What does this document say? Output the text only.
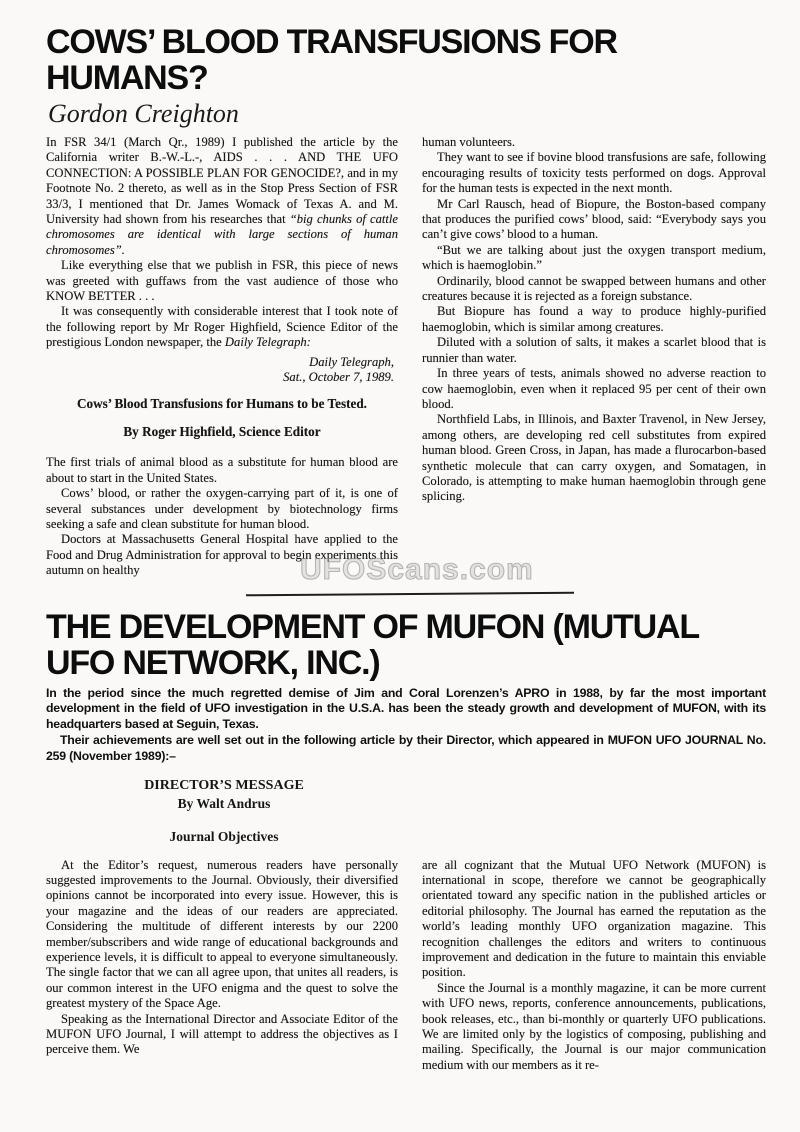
UFOScans.com
COWS’ BLOOD TRANSFUSIONS FOR
HUMANS?
Gordon Creighton

In FSR 34/1 (March Qr., 1989) I published the article by the California writer B.-W.-L.-, AIDS . . . AND THE UFO CONNECTION: A POSSIBLE PLAN FOR GENOCIDE?, and in my Footnote No. 2 thereto, as well as in the Stop Press Section of FSR 33/3, I mentioned that Dr. James Womack of Texas A. and M. University had shown from his researches that “big chunks of cattle chromosomes are identical with large sections of human chromosomes”.

Like everything else that we publish in FSR, this piece of news was greeted with guffaws from the vast audience of those who KNOW BETTER . . .

It was consequently with considerable interest that I took note of the following report by Mr Roger Highfield, Science Editor of the prestigious London newspaper, the Daily Telegraph:

Daily Telegraph,
Sat., October 7, 1989.

Cows’ Blood Transfusions for Humans to be Tested.

By Roger Highfield, Science Editor

The first trials of animal blood as a substitute for human blood are about to start in the United States.

Cows’ blood, or rather the oxygen-carrying part of it, is one of several substances under development by biotechnology firms seeking a safe and clean substitute for human blood.

Doctors at Massachusetts General Hospital have applied to the Food and Drug Administration for approval to begin experiments this autumn on healthy

human volunteers.

They want to see if bovine blood transfusions are safe, following encouraging results of toxicity tests performed on dogs. Approval for the human tests is expected in the next month.

Mr Carl Rausch, head of Biopure, the Boston-based company that produces the purified cows’ blood, said: “Everybody says you can’t give cows’ blood to a human.

“But we are talking about just the oxygen transport medium, which is haemoglobin.”

Ordinarily, blood cannot be swapped between humans and other creatures because it is rejected as a foreign substance.

But Biopure has found a way to produce highly-purified haemoglobin, which is similar among creatures.

Diluted with a solution of salts, it makes a scarlet blood that is runnier than water.

In three years of tests, animals showed no adverse reaction to cow haemoglobin, even when it replaced 95 per cent of their own blood.

Northfield Labs, in Illinois, and Baxter Travenol, in New Jersey, among others, are developing red cell substitutes from expired human blood. Green Cross, in Japan, has made a flurocarbon-based synthetic molecule that can carry oxygen, and Somatagen, in Colorado, is attempting to make human haemoglobin through gene splicing.

THE DEVELOPMENT OF MUFON (MUTUAL
UFO NETWORK, INC.)

In the period since the much regretted demise of Jim and Coral Lorenzen’s APRO in 1988, by far the most important development in the field of UFO investigation in the U.S.A. has been the steady growth and development of MUFON, with its headquarters based at Seguin, Texas.

Their achievements are well set out in the following article by their Director, which appeared in MUFON UFO JOURNAL No. 259 (November 1989):–

DIRECTOR’S MESSAGE
By Walt Andrus
Journal Objectives

At the Editor’s request, numerous readers have personally suggested improvements to the Journal. Obviously, their diversified opinions cannot be incorporated into every issue. However, this is your magazine and the ideas of our readers are appreciated. Considering the multitude of different interests by our 2200 member/subscribers and wide range of educational backgrounds and experience levels, it is difficult to appeal to everyone simultaneously. The single factor that we can all agree upon, that unites all readers, is our common interest in the UFO enigma and the quest to solve the greatest mystery of the Space Age.

Speaking as the International Director and Associate Editor of the MUFON UFO Journal, I will attempt to address the objectives as I perceive them. We

are all cognizant that the Mutual UFO Network (MUFON) is international in scope, therefore we cannot be geographically orientated toward any specific nation in the published articles or editorial philosophy. The Journal has earned the reputation as the world’s leading monthly UFO organization magazine. This recognition challenges the editors and writers to continuous improvement and dedication in the future to maintain this enviable position.

Since the Journal is a monthly magazine, it can be more current with UFO news, reports, conference announcements, publications, book releases, etc., than bi-monthly or quarterly UFO publications. We are limited only by the logistics of composing, publishing and mailing. Specifically, the Journal is our major communication medium with our members as it re-
